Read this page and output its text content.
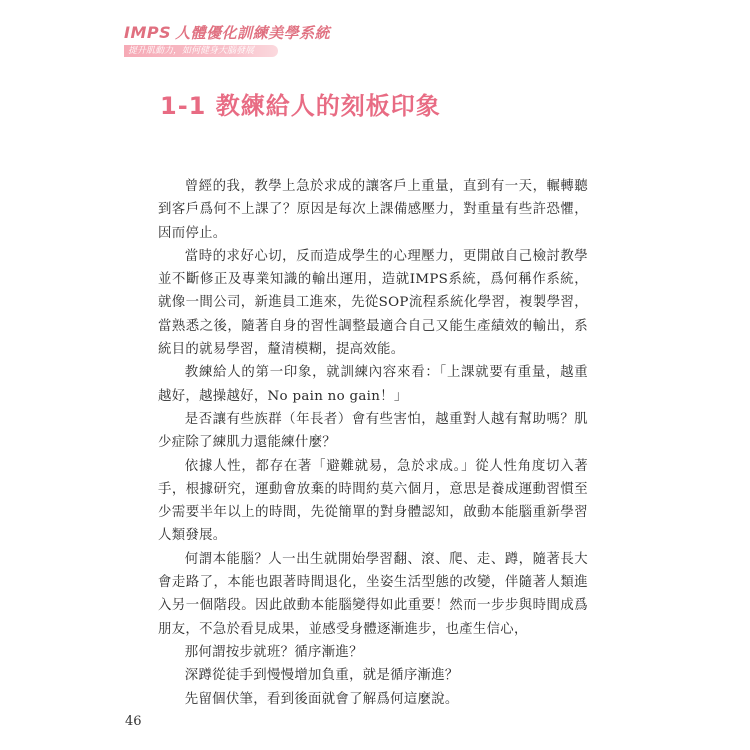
IMPS 人體優化訓練美學系統
提升肌動力，如何健身大腦發展
1-1 教練給人的刻板印象

曾經的我，教學上急於求成的讓客戶上重量，直到有一天，輾轉聽到客戶爲何不上課了？原因是每次上課備感壓力，對重量有些許恐懼，因而停止。

當時的求好心切，反而造成學生的心理壓力，更開啟自己檢討教學並不斷修正及專業知識的輸出運用，造就IMPS系統，爲何稱作系統，就像一間公司，新進員工進來，先從SOP流程系統化學習，複製學習，當熟悉之後，隨著自身的習性調整最適合自己又能生產績效的輸出，系統目的就易學習，釐清模糊，提高效能。

教練給人的第一印象，就訓練內容來看：「上課就要有重量，越重越好，越操越好，No pain no gain！」

是否讓有些族群（年長者）會有些害怕，越重對人越有幫助嗎？肌少症除了練肌力還能練什麼？

依據人性，都存在著「避難就易，急於求成。」從人性角度切入著手，根據研究，運動會放棄的時間約莫六個月，意思是養成運動習慣至少需要半年以上的時間，先從簡單的對身體認知，啟動本能腦重新學習人類發展。

何謂本能腦？人一出生就開始學習翻、滾、爬、走、蹲，隨著長大會走路了，本能也跟著時間退化，坐姿生活型態的改變，伴隨著人類進入另一個階段。因此啟動本能腦變得如此重要！然而一步步與時間成爲朋友，不急於看見成果，並感受身體逐漸進步，也產生信心，

那何謂按步就班？循序漸進？

深蹲從徒手到慢慢增加負重，就是循序漸進？

先留個伏筆，看到後面就會了解爲何這麼說。

46
